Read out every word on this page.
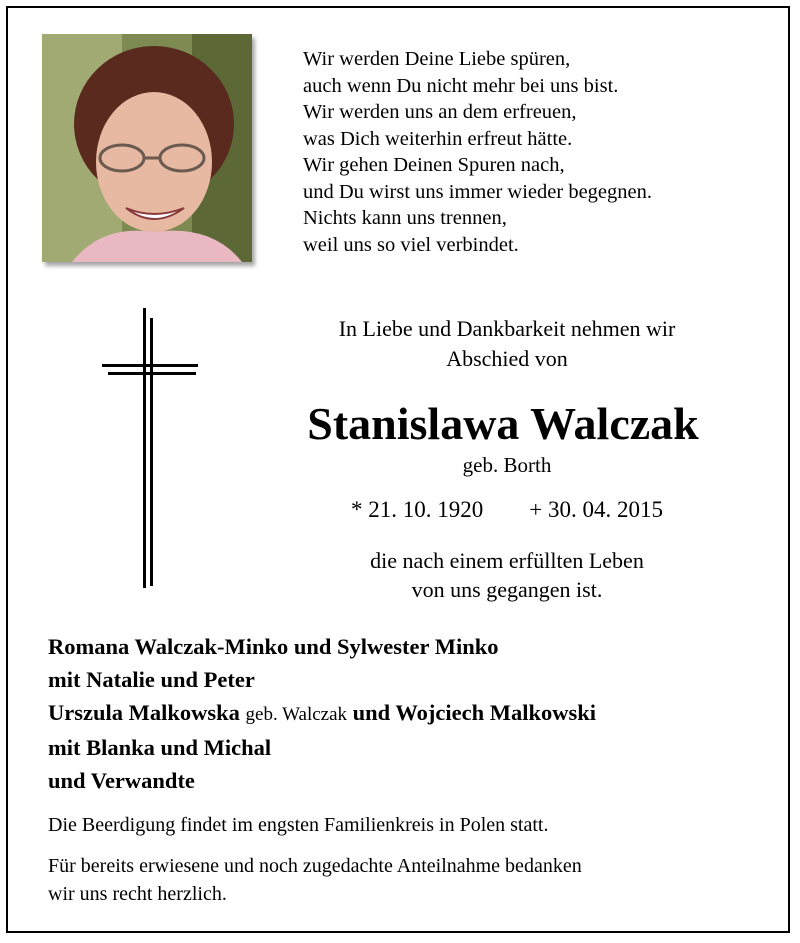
Wir werden Deine Liebe spüren,
auch wenn Du nicht mehr bei uns bist.
Wir werden uns an dem erfreuen,
was Dich weiterhin erfreut hätte.
Wir gehen Deinen Spuren nach,
und Du wirst uns immer wieder begegnen.
Nichts kann uns trennen,
weil uns so viel verbindet.
In Liebe und Dankbarkeit nehmen wir
Abschied von
Stanislawa Walczak
geb. Borth
* 21. 10. 1920 + 30. 04. 2015
die nach einem erfüllten Leben
von uns gegangen ist.
Romana Walczak-Minko und Sylwester Minko
mit Natalie und Peter
Urszula Malkowska geb. Walczak und Wojciech Malkowski
mit Blanka und Michal
und Verwandte
Die Beerdigung findet im engsten Familienkreis in Polen statt.
Für bereits erwiesene und noch zugedachte Anteilnahme bedanken
wir uns recht herzlich.
